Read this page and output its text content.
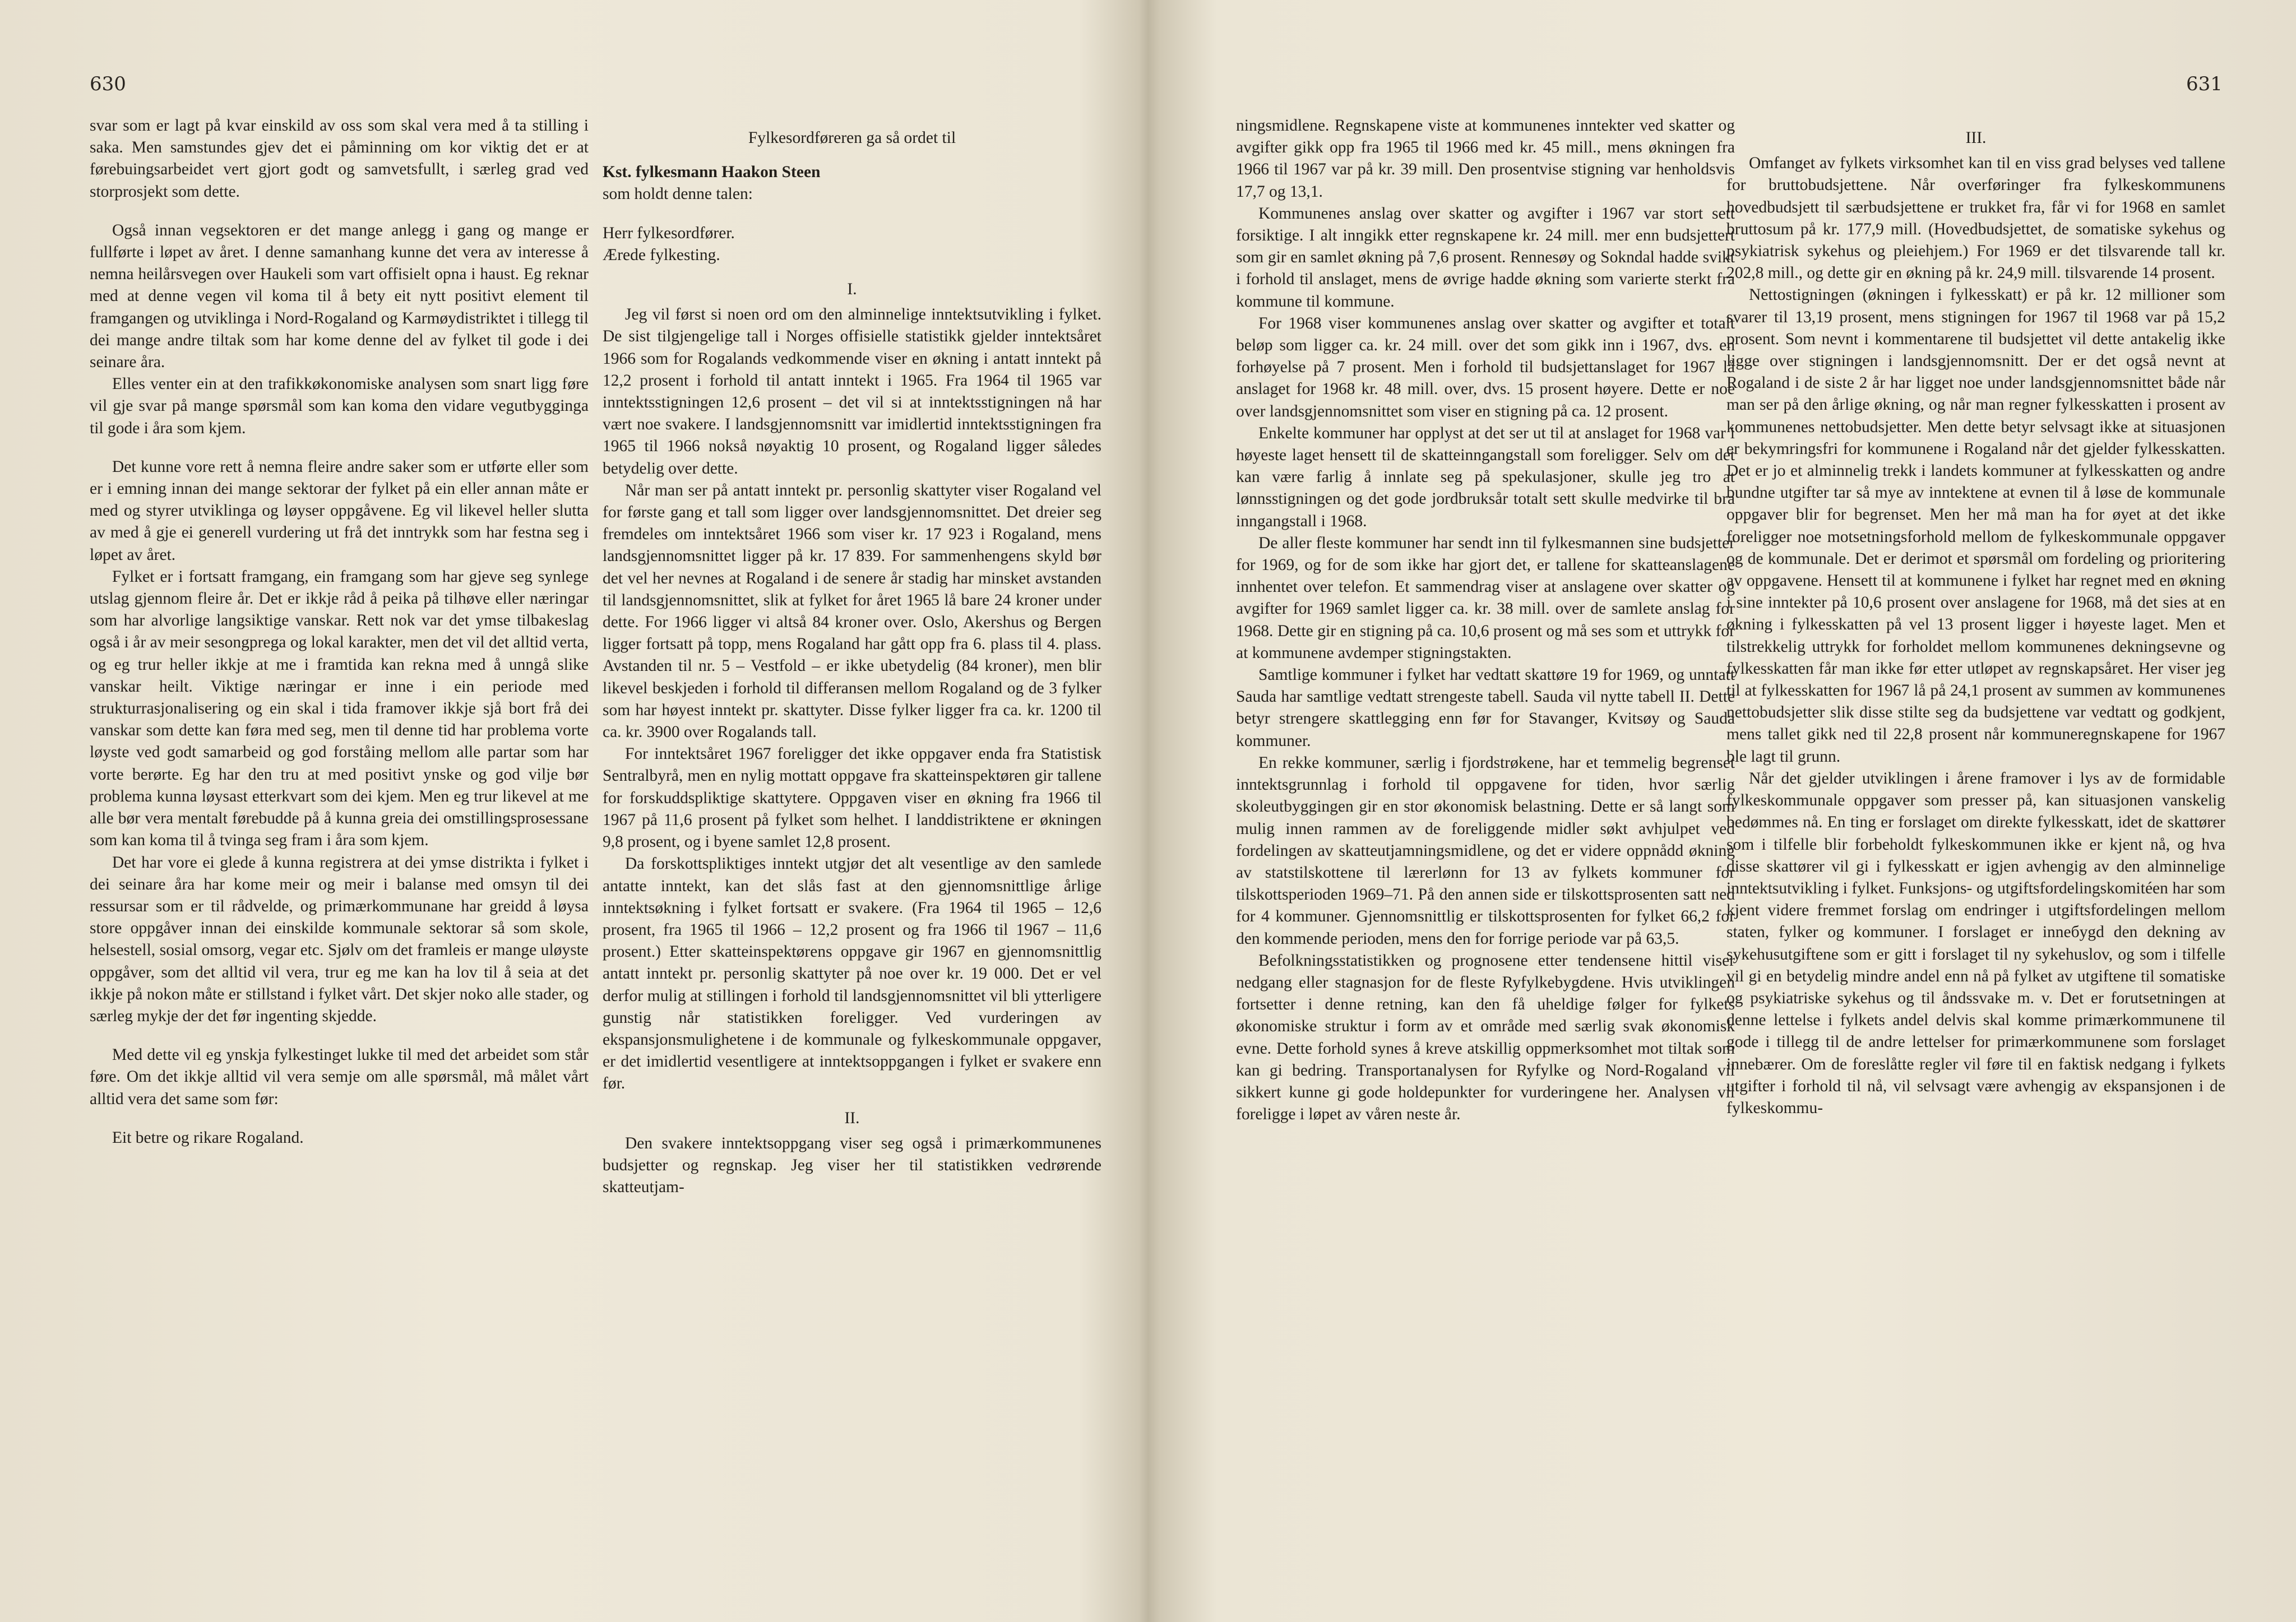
630	631

svar som er lagt på kvar einskild av oss som skal vera med å ta stilling i saka. Men samstundes gjev det ei påminning om kor viktig det er at førebuingsarbeidet vert gjort godt og samvetsfullt, i særleg grad ved storprosjekt som dette.

Også innan vegsektoren er det mange anlegg i gang og mange er fullførte i løpet av året. I denne samanhang kunne det vera av interesse å nemna heilårsvegen over Haukeli som vart offisielt opna i haust. Eg reknar med at denne vegen vil koma til å bety eit nytt positivt element til framgangen og utviklinga i Nord-Rogaland og Karmøydistriktet i tillegg til dei mange andre tiltak som har kome denne del av fylket til gode i dei seinare åra.

Elles venter ein at den trafikkøkonomiske analysen som snart ligg føre vil gje svar på mange spørsmål som kan koma den vidare vegutbygginga til gode i åra som kjem.

Det kunne vore rett å nemna fleire andre saker som er utførte eller som er i emning innan dei mange sektorar der fylket på ein eller annan måte er med og styrer utviklinga og løyser oppgåvene. Eg vil likevel heller slutta av med å gje ei generell vurdering ut frå det inntrykk som har festna seg i løpet av året.

Fylket er i fortsatt framgang, ein framgang som har gjeve seg synlege utslag gjennom fleire år. Det er ikkje råd å peika på tilhøve eller næringar som har alvorlige langsiktige vanskar. Rett nok var det ymse tilbakeslag også i år av meir sesongprega og lokal karakter, men det vil det alltid verta, og eg trur heller ikkje at me i framtida kan rekna med å unngå slike vanskar heilt. Viktige næringar er inne i ein periode med strukturrasjonalisering og ein skal i tida framover ikkje sjå bort frå dei vanskar som dette kan føra med seg, men til denne tid har problema vorte løyste ved godt samarbeid og god forståing mellom alle partar som har vorte berørte. Eg har den tru at med positivt ynske og god vilje bør problema kunna løysast etterkvart som dei kjem. Men eg trur likevel at me alle bør vera mentalt førebudde på å kunna greia dei omstillingsprosessane som kan koma til å tvinga seg fram i åra som kjem.

Det har vore ei glede å kunna registrera at dei ymse distrikta i fylket i dei seinare åra har kome meir og meir i balanse med omsyn til dei ressursar som er til rådvelde, og primærkommunane har greidd å løysa store oppgåver innan dei einskilde kommunale sektorar så som skole, helsestell, sosial omsorg, vegar etc. Sjølv om det framleis er mange uløyste oppgåver, som det alltid vil vera, trur eg me kan ha lov til å seia at det ikkje på nokon måte er stillstand i fylket vårt. Det skjer noko alle stader, og særleg mykje der det før ingenting skjedde.

Med dette vil eg ynskja fylkestinget lukke til med det arbeidet som står føre. Om det ikkje alltid vil vera semje om alle spørsmål, må målet vårt alltid vera det same som før:

Eit betre og rikare Rogaland.

Fylkesordføreren ga så ordet til

Kst. fylkesmann Haakon Steen

som holdt denne talen:

Herr fylkesordfører.

Ærede fylkesting.

I.

Jeg vil først si noen ord om den alminnelige inntektsutvikling i fylket. De sist tilgjengelige tall i Norges offisielle statistikk gjelder inntektsåret 1966 som for Rogalands vedkommende viser en økning i antatt inntekt på 12,2 prosent i forhold til antatt inntekt i 1965. Fra 1964 til 1965 var inntektsstigningen 12,6 prosent – det vil si at inntektsstigningen nå har vært noe svakere. I landsgjennomsnitt var imidlertid inntektsstigningen fra 1965 til 1966 nokså nøyaktig 10 prosent, og Rogaland ligger således betydelig over dette.

Når man ser på antatt inntekt pr. personlig skattyter viser Rogaland vel for første gang et tall som ligger over landsgjennomsnittet. Det dreier seg fremdeles om inntektsåret 1966 som viser kr. 17 923 i Rogaland, mens landsgjennomsnittet ligger på kr. 17 839. For sammenhengens skyld bør det vel her nevnes at Rogaland i de senere år stadig har minsket avstanden til landsgjennomsnittet, slik at fylket for året 1965 lå bare 24 kroner under dette. For 1966 ligger vi altså 84 kroner over. Oslo, Akershus og Bergen ligger fortsatt på topp, mens Rogaland har gått opp fra 6. plass til 4. plass. Avstanden til nr. 5 – Vestfold – er ikke ubetydelig (84 kroner), men blir likevel beskjeden i forhold til differansen mellom Rogaland og de 3 fylker som har høyest inntekt pr. skattyter. Disse fylker ligger fra ca. kr. 1200 til ca. kr. 3900 over Rogalands tall.

For inntektsåret 1967 foreligger det ikke oppgaver enda fra Statistisk Sentralbyrå, men en nylig mottatt oppgave fra skatteinspektøren gir tallene for forskuddspliktige skattytere. Oppgaven viser en økning fra 1966 til 1967 på 11,6 prosent på fylket som helhet. I landdistriktene er økningen 9,8 prosent, og i byene samlet 12,8 prosent.

Da forskottspliktiges inntekt utgjør det alt vesentlige av den samlede antatte inntekt, kan det slås fast at den gjennomsnittlige årlige inntektsøkning i fylket fortsatt er svakere. (Fra 1964 til 1965 – 12,6 prosent, fra 1965 til 1966 – 12,2 prosent og fra 1966 til 1967 – 11,6 prosent.) Etter skatteinspektørens oppgave gir 1967 en gjennomsnittlig antatt inntekt pr. personlig skattyter på noe over kr. 19 000. Det er vel derfor mulig at stillingen i forhold til landsgjennomsnittet vil bli ytterligere gunstig når statistikken foreligger. Ved vurderingen av ekspansjonsmulighetene i de kommunale og fylkeskommunale oppgaver, er det imidlertid vesentligere at inntektsoppgangen i fylket er svakere enn før.

II.

Den svakere inntektsoppgang viser seg også i primærkommunenes budsjetter og regnskap. Jeg viser her til statistikken vedrørende skatteutjam-

ningsmidlene. Regnskapene viste at kommunenes inntekter ved skatter og avgifter gikk opp fra 1965 til 1966 med kr. 45 mill., mens økningen fra 1966 til 1967 var på kr. 39 mill. Den prosentvise stigning var henholdsvis 17,7 og 13,1.

Kommunenes anslag over skatter og avgifter i 1967 var stort sett forsiktige. I alt inngikk etter regnskapene kr. 24 mill. mer enn budsjettert som gir en samlet økning på 7,6 prosent. Rennesøy og Sokndal hadde svikt i forhold til anslaget, mens de øvrige hadde økning som varierte sterkt fra kommune til kommune.

For 1968 viser kommunenes anslag over skatter og avgifter et totalt beløp som ligger ca. kr. 24 mill. over det som gikk inn i 1967, dvs. en forhøyelse på 7 prosent. Men i forhold til budsjettanslaget for 1967 lå anslaget for 1968 kr. 48 mill. over, dvs. 15 prosent høyere. Dette er noe over landsgjennomsnittet som viser en stigning på ca. 12 prosent.

Enkelte kommuner har opplyst at det ser ut til at anslaget for 1968 var i høyeste laget hensett til de skatteinngangstall som foreligger. Selv om det kan være farlig å innlate seg på spekulasjoner, skulle jeg tro at lønnsstigningen og det gode jordbruksår totalt sett skulle medvirke til bra inngangstall i 1968.

De aller fleste kommuner har sendt inn til fylkesmannen sine budsjetter for 1969, og for de som ikke har gjort det, er tallene for skatteanslagene innhentet over telefon. Et sammendrag viser at anslagene over skatter og avgifter for 1969 samlet ligger ca. kr. 38 mill. over de samlete anslag for 1968. Dette gir en stigning på ca. 10,6 prosent og må ses som et uttrykk for at kommunene avdemper stigningstakten.

Samtlige kommuner i fylket har vedtatt skattøre 19 for 1969, og unntatt Sauda har samtlige vedtatt strengeste tabell. Sauda vil nytte tabell II. Dette betyr strengere skattlegging enn før for Stavanger, Kvitsøy og Sauda kommuner.

En rekke kommuner, særlig i fjordstrøkene, har et temmelig begrenset inntektsgrunnlag i forhold til oppgavene for tiden, hvor særlig skoleutbyggingen gir en stor økonomisk belastning. Dette er så langt som mulig innen rammen av de foreliggende midler søkt avhjulpet ved fordelingen av skatteutjamningsmidlene, og det er videre oppnådd økning av statstilskottene til lærerlønn for 13 av fylkets kommuner for tilskottsperioden 1969–71. På den annen side er tilskottsprosenten satt ned for 4 kommuner. Gjennomsnittlig er tilskottsprosenten for fylket 66,2 for den kommende perioden, mens den for forrige periode var på 63,5.

Befolkningsstatistikken og prognosene etter tendensene hittil viser nedgang eller stagnasjon for de fleste Ryfylkebygdene. Hvis utviklingen fortsetter i denne retning, kan den få uheldige følger for fylkets økonomiske struktur i form av et område med særlig svak økonomisk evne. Dette forhold synes å kreve atskillig oppmerksomhet mot tiltak som kan gi bedring. Transportanalysen for Ryfylke og Nord-Rogaland vil sikkert kunne gi gode holdepunkter for vurderingene her. Analysen vil foreligge i løpet av våren neste år.

III.

Omfanget av fylkets virksomhet kan til en viss grad belyses ved tallene for bruttobudsjettene. Når overføringer fra fylkeskommunens hovedbudsjett til særbudsjettene er trukket fra, får vi for 1968 en samlet bruttosum på kr. 177,9 mill. (Hovedbudsjettet, de somatiske sykehus og psykiatrisk sykehus og pleiehjem.) For 1969 er det tilsvarende tall kr. 202,8 mill., og dette gir en økning på kr. 24,9 mill. tilsvarende 14 prosent.

Nettostigningen (økningen i fylkesskatt) er på kr. 12 millioner som svarer til 13,19 prosent, mens stigningen for 1967 til 1968 var på 15,2 prosent. Som nevnt i kommentarene til budsjettet vil dette antakelig ikke ligge over stigningen i landsgjennomsnitt. Der er det også nevnt at Rogaland i de siste 2 år har ligget noe under landsgjennomsnittet både når man ser på den årlige økning, og når man regner fylkesskatten i prosent av kommunenes nettobudsjetter. Men dette betyr selvsagt ikke at situasjonen er bekymringsfri for kommunene i Rogaland når det gjelder fylkesskatten. Det er jo et alminnelig trekk i landets kommuner at fylkesskatten og andre bundne utgifter tar så mye av inntektene at evnen til å løse de kommunale oppgaver blir for begrenset. Men her må man ha for øyet at det ikke foreligger noe motsetningsforhold mellom de fylkeskommunale oppgaver og de kommunale. Det er derimot et spørsmål om fordeling og prioritering av oppgavene. Hensett til at kommunene i fylket har regnet med en økning i sine inntekter på 10,6 prosent over anslagene for 1968, må det sies at en økning i fylkesskatten på vel 13 prosent ligger i høyeste laget. Men et tilstrekkelig uttrykk for forholdet mellom kommunenes dekningsevne og fylkesskatten får man ikke før etter utløpet av regnskapsåret. Her viser jeg til at fylkesskatten for 1967 lå på 24,1 prosent av summen av kommunenes nettobudsjetter slik disse stilte seg da budsjettene var vedtatt og godkjent, mens tallet gikk ned til 22,8 prosent når kommuneregnskapene for 1967 ble lagt til grunn.

Når det gjelder utviklingen i årene framover i lys av de formidable fylkeskommunale oppgaver som presser på, kan situasjonen vanskelig bedømmes nå. En ting er forslaget om direkte fylkesskatt, idet de skattører som i tilfelle blir forbeholdt fylkeskommunen ikke er kjent nå, og hva disse skattører vil gi i fylkesskatt er igjen avhengig av den alminnelige inntektsutvikling i fylket. Funksjons- og utgiftsfordelingskomitéen har som kjent videre fremmet forslag om endringer i utgiftsfordelingen mellom staten, fylker og kommuner. I forslaget er inneбygd den dekning av sykehusutgiftene som er gitt i forslaget til ny sykehuslov, og som i tilfelle vil gi en betydelig mindre andel enn nå på fylket av utgiftene til somatiske og psykiatriske sykehus og til åndssvake m. v. Det er forutsetningen at denne lettelse i fylkets andel delvis skal komme primærkommunene til gode i tillegg til de andre lettelser for primærkommunene som forslaget innebærer. Om de foreslåtte regler vil føre til en faktisk nedgang i fylkets utgifter i forhold til nå, vil selvsagt være avhengig av ekspansjonen i de fylkeskommu-
